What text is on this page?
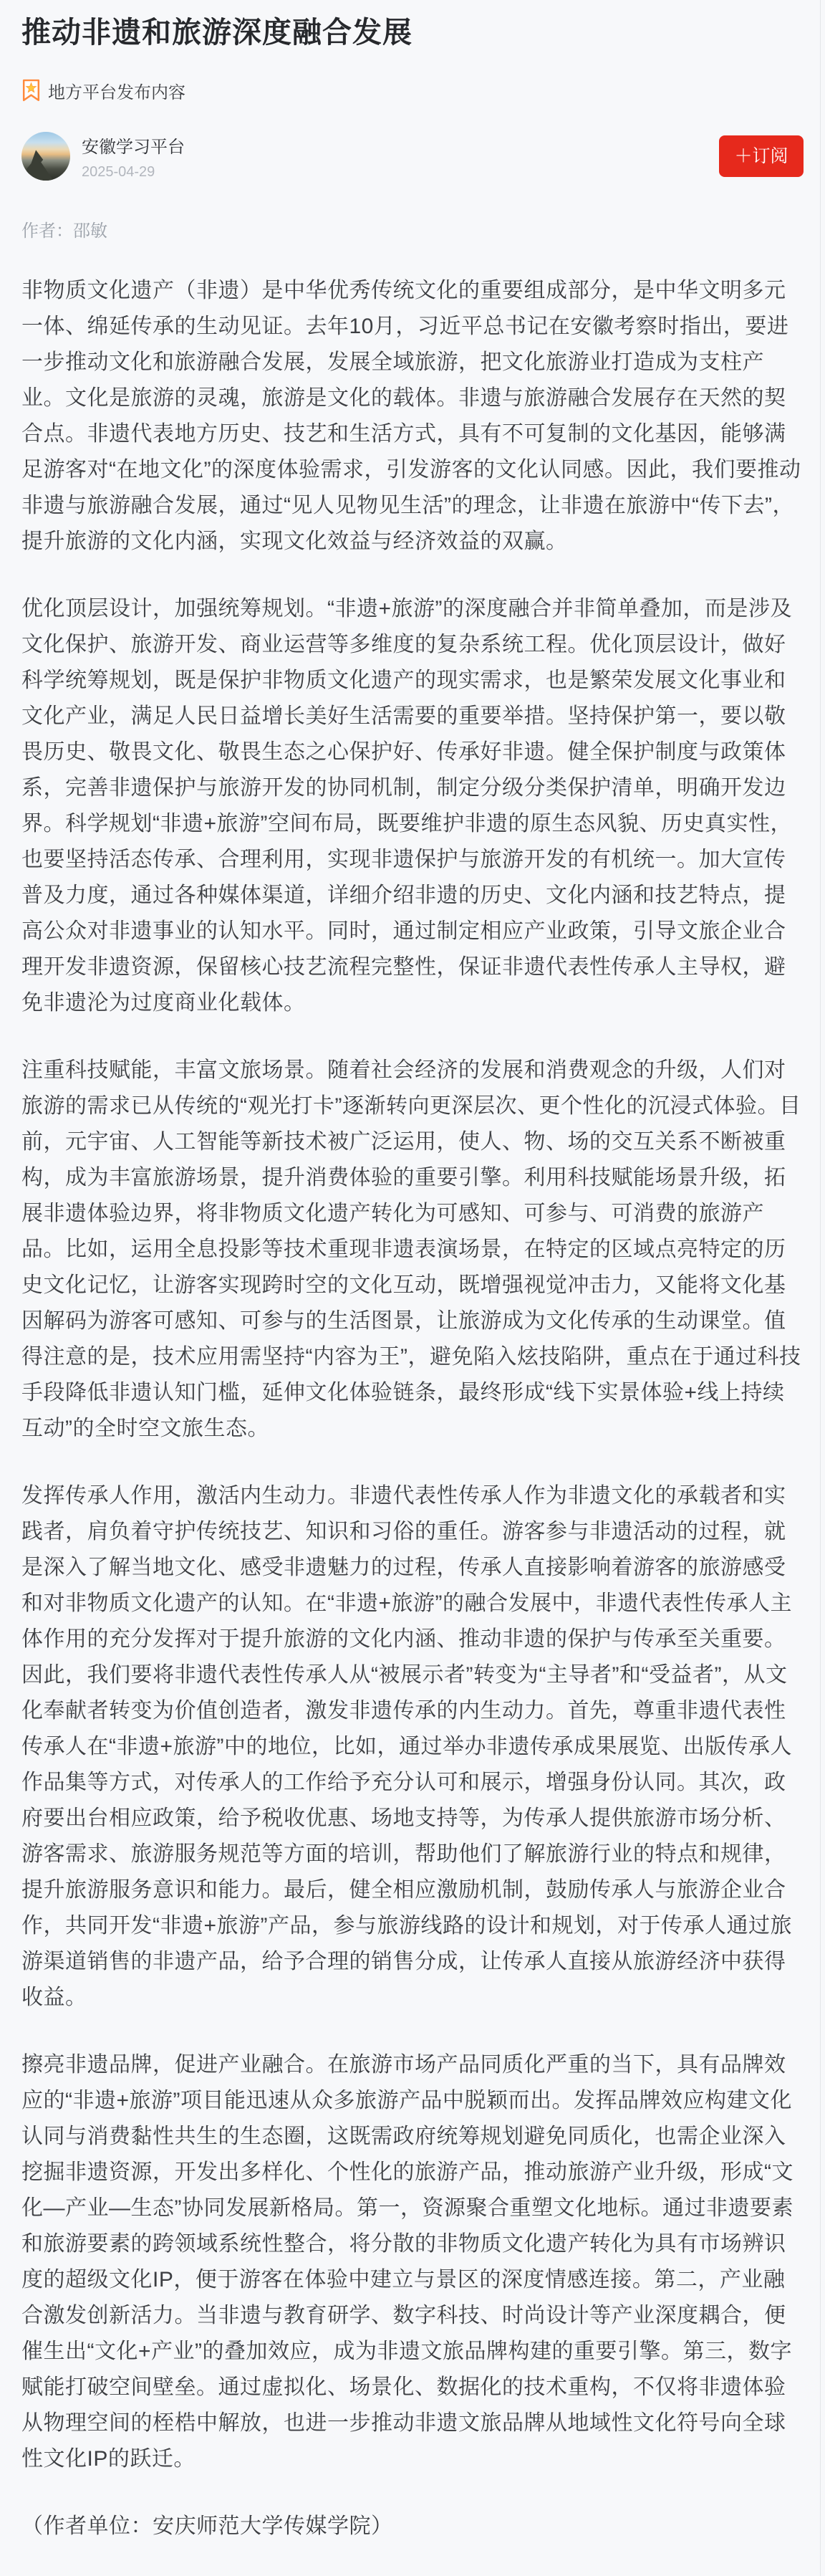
推动非遗和旅游深度融合发展
地方平台发布内容
安徽学习平台
2025-04-29
＋订阅
作者：邵敏

非物质文化遗产（非遗）是中华优秀传统文化的重要组成部分，是中华文明多元一体、绵延传承的生动见证。去年10月，习近平总书记在安徽考察时指出，要进一步推动文化和旅游融合发展，发展全域旅游，把文化旅游业打造成为支柱产业。文化是旅游的灵魂，旅游是文化的载体。非遗与旅游融合发展存在天然的契合点。非遗代表地方历史、技艺和生活方式，具有不可复制的文化基因，能够满足游客对“在地文化”的深度体验需求，引发游客的文化认同感。因此，我们要推动非遗与旅游融合发展，通过“见人见物见生活”的理念，让非遗在旅游中“传下去”，提升旅游的文化内涵，实现文化效益与经济效益的双赢。

优化顶层设计，加强统筹规划。“非遗+旅游”的深度融合并非简单叠加，而是涉及文化保护、旅游开发、商业运营等多维度的复杂系统工程。优化顶层设计，做好科学统筹规划，既是保护非物质文化遗产的现实需求，也是繁荣发展文化事业和文化产业，满足人民日益增长美好生活需要的重要举措。坚持保护第一，要以敬畏历史、敬畏文化、敬畏生态之心保护好、传承好非遗。健全保护制度与政策体系，完善非遗保护与旅游开发的协同机制，制定分级分类保护清单，明确开发边界。科学规划“非遗+旅游”空间布局，既要维护非遗的原生态风貌、历史真实性，也要坚持活态传承、合理利用，实现非遗保护与旅游开发的有机统一。加大宣传普及力度，通过各种媒体渠道，详细介绍非遗的历史、文化内涵和技艺特点，提高公众对非遗事业的认知水平。同时，通过制定相应产业政策，引导文旅企业合理开发非遗资源，保留核心技艺流程完整性，保证非遗代表性传承人主导权，避免非遗沦为过度商业化载体。

注重科技赋能，丰富文旅场景。随着社会经济的发展和消费观念的升级，人们对旅游的需求已从传统的“观光打卡”逐渐转向更深层次、更个性化的沉浸式体验。目前，元宇宙、人工智能等新技术被广泛运用，使人、物、场的交互关系不断被重构，成为丰富旅游场景，提升消费体验的重要引擎。利用科技赋能场景升级，拓展非遗体验边界，将非物质文化遗产转化为可感知、可参与、可消费的旅游产品。比如，运用全息投影等技术重现非遗表演场景，在特定的区域点亮特定的历史文化记忆，让游客实现跨时空的文化互动，既增强视觉冲击力，又能将文化基因解码为游客可感知、可参与的生活图景，让旅游成为文化传承的生动课堂。值得注意的是，技术应用需坚持“内容为王”，避免陷入炫技陷阱，重点在于通过科技手段降低非遗认知门槛，延伸文化体验链条，最终形成“线下实景体验+线上持续互动”的全时空文旅生态。

发挥传承人作用，激活内生动力。非遗代表性传承人作为非遗文化的承载者和实践者，肩负着守护传统技艺、知识和习俗的重任。游客参与非遗活动的过程，就是深入了解当地文化、感受非遗魅力的过程，传承人直接影响着游客的旅游感受和对非物质文化遗产的认知。在“非遗+旅游”的融合发展中，非遗代表性传承人主体作用的充分发挥对于提升旅游的文化内涵、推动非遗的保护与传承至关重要。因此，我们要将非遗代表性传承人从“被展示者”转变为“主导者”和“受益者”，从文化奉献者转变为价值创造者，激发非遗传承的内生动力。首先，尊重非遗代表性传承人在“非遗+旅游”中的地位，比如，通过举办非遗传承成果展览、出版传承人作品集等方式，对传承人的工作给予充分认可和展示，增强身份认同。其次，政府要出台相应政策，给予税收优惠、场地支持等，为传承人提供旅游市场分析、游客需求、旅游服务规范等方面的培训，帮助他们了解旅游行业的特点和规律，提升旅游服务意识和能力。最后，健全相应激励机制，鼓励传承人与旅游企业合作，共同开发“非遗+旅游”产品，参与旅游线路的设计和规划，对于传承人通过旅游渠道销售的非遗产品，给予合理的销售分成，让传承人直接从旅游经济中获得收益。

擦亮非遗品牌，促进产业融合。在旅游市场产品同质化严重的当下，具有品牌效应的“非遗+旅游”项目能迅速从众多旅游产品中脱颖而出。发挥品牌效应构建文化认同与消费黏性共生的生态圈，这既需政府统筹规划避免同质化，也需企业深入挖掘非遗资源，开发出多样化、个性化的旅游产品，推动旅游产业升级，形成“文化—产业—生态”协同发展新格局。第一，资源聚合重塑文化地标。通过非遗要素和旅游要素的跨领域系统性整合，将分散的非物质文化遗产转化为具有市场辨识度的超级文化IP，便于游客在体验中建立与景区的深度情感连接。第二，产业融合激发创新活力。当非遗与教育研学、数字科技、时尚设计等产业深度耦合，便催生出“文化+产业”的叠加效应，成为非遗文旅品牌构建的重要引擎。第三，数字赋能打破空间壁垒。通过虚拟化、场景化、数据化的技术重构，不仅将非遗体验从物理空间的桎梏中解放，也进一步推动非遗文旅品牌从地域性文化符号向全球性文化IP的跃迁。

（作者单位：安庆师范大学传媒学院）
